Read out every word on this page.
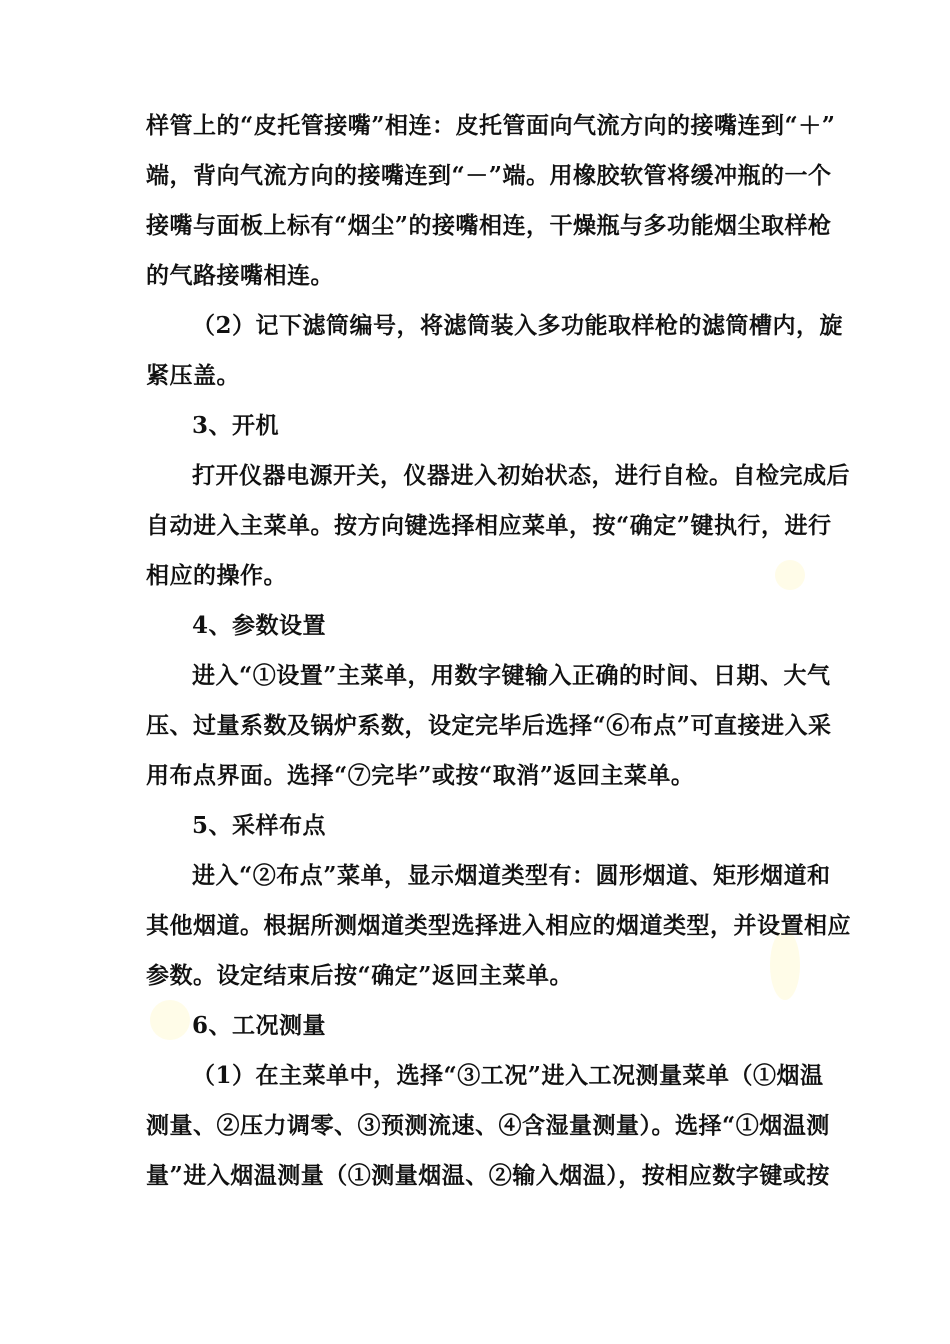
样管上的“皮托管接嘴”相连：皮托管面向气流方向的接嘴连到“＋”
端，背向气流方向的接嘴连到“－”端。用橡胶软管将缓冲瓶的一个
接嘴与面板上标有“烟尘”的接嘴相连，干燥瓶与多功能烟尘取样枪
的气路接嘴相连。

（2）记下滤筒编号，将滤筒装入多功能取样枪的滤筒槽内，旋
紧压盖。

3、开机

打开仪器电源开关，仪器进入初始状态，进行自检。自检完成后
自动进入主菜单。按方向键选择相应菜单，按“确定”键执行，进行
相应的操作。

4、参数设置

进入“①设置”主菜单，用数字键输入正确的时间、日期、大气
压、过量系数及锅炉系数，设定完毕后选择“⑥布点”可直接进入采
用布点界面。选择“⑦完毕”或按“取消”返回主菜单。

5、采样布点

进入“②布点”菜单，显示烟道类型有：圆形烟道、矩形烟道和
其他烟道。根据所测烟道类型选择进入相应的烟道类型，并设置相应
参数。设定结束后按“确定”返回主菜单。

6、工况测量

（1）在主菜单中，选择“③工况”进入工况测量菜单（①烟温
测量、②压力调零、③预测流速、④含湿量测量）。选择“①烟温测
量”进入烟温测量（①测量烟温、②输入烟温），按相应数字键或按
